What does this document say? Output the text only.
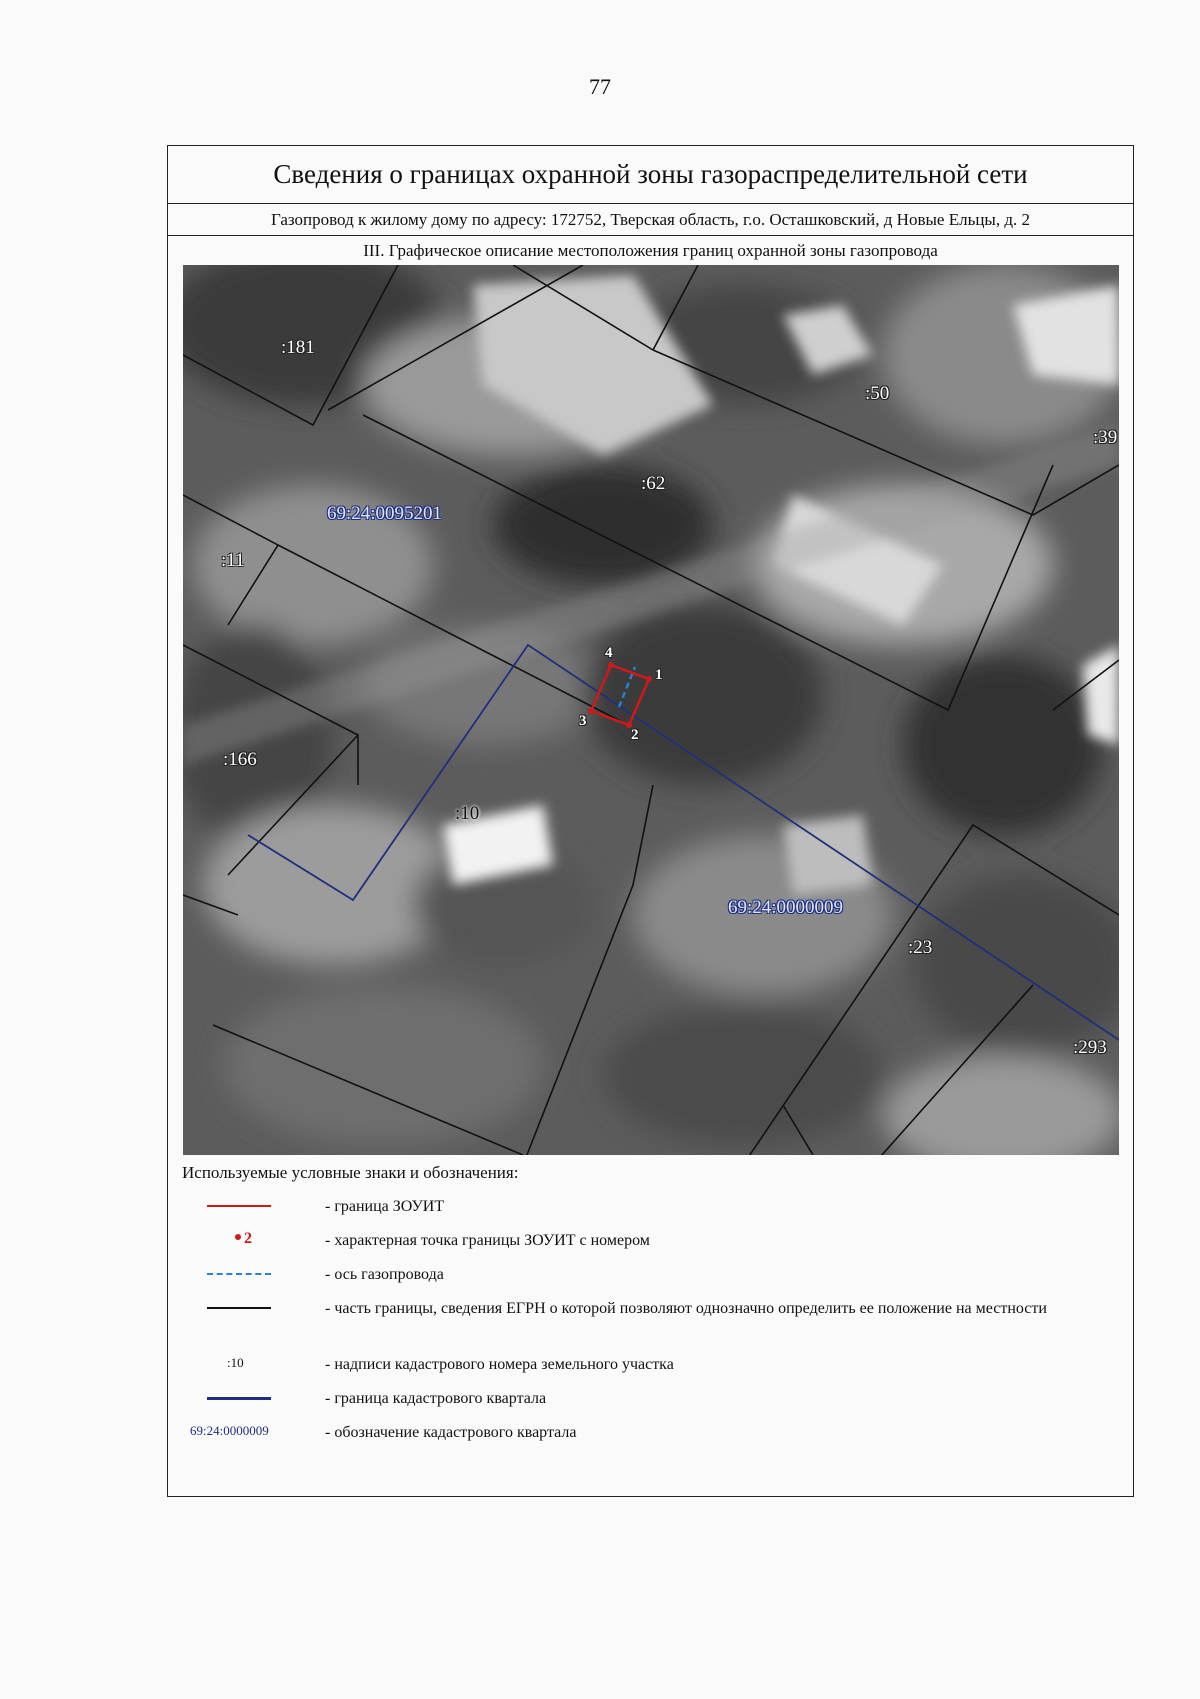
77
Сведения о границах охранной зоны газораспределительной сети
Газопровод к жилому дому по адресу: 172752, Тверская область, г.о. Осташковский, д Новые Ельцы, д. 2
III. Графическое описание местоположения границ охранной зоны газопровода
:181
:50
:39
:62
:11
:166
:10
:23
:293
69:24:0095201
69:24:0000009
1
2
3
4
Используемые условные знаки и обозначения:
- граница ЗОУИТ
2	- характерная точка границы ЗОУИТ с номером
- ось газопровода
- часть границы, сведения ЕГРН о которой позволяют однозначно определить ее положение на местности
:10	- надписи кадастрового номера земельного участка
- граница кадастрового квартала
69:24:0000009	- обозначение кадастрового квартала
